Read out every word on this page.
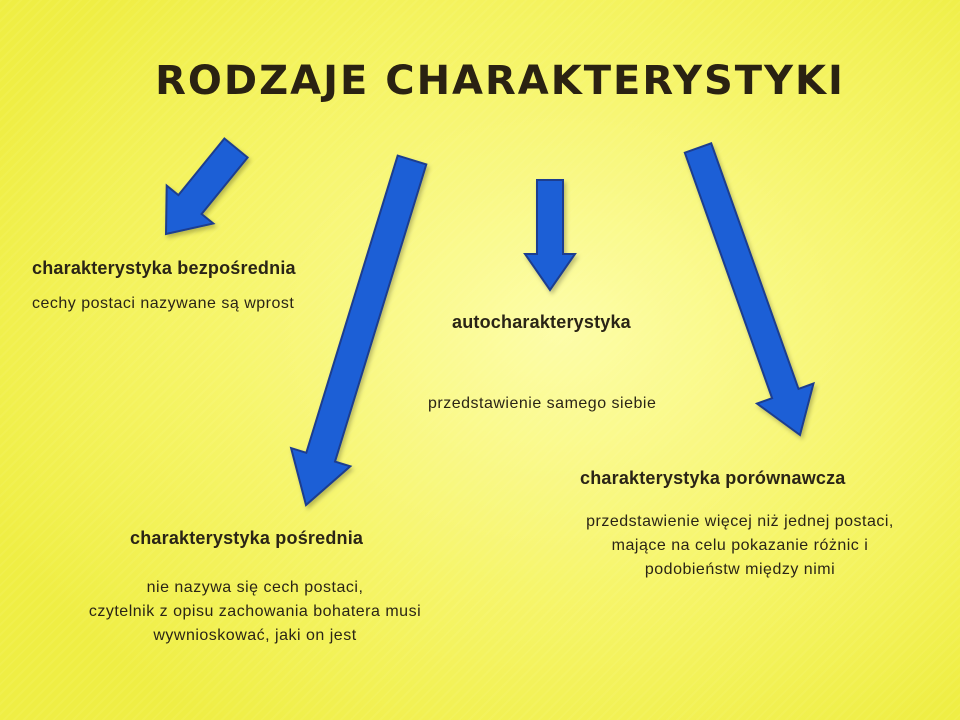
RODZAJE CHARAKTERYSTYKI
charakterystyka bezpośrednia
cechy postaci nazywane są wprost
autocharakterystyka

przedstawienie samego siebie

charakterystyka porównawcza
przedstawienie więcej niż jednej postaci,
mające na celu pokazanie różnic i
podobieństw między nimi
charakterystyka pośrednia
nie nazywa się cech postaci,
czytelnik z opisu zachowania bohatera musi
wywnioskować, jaki on jest
